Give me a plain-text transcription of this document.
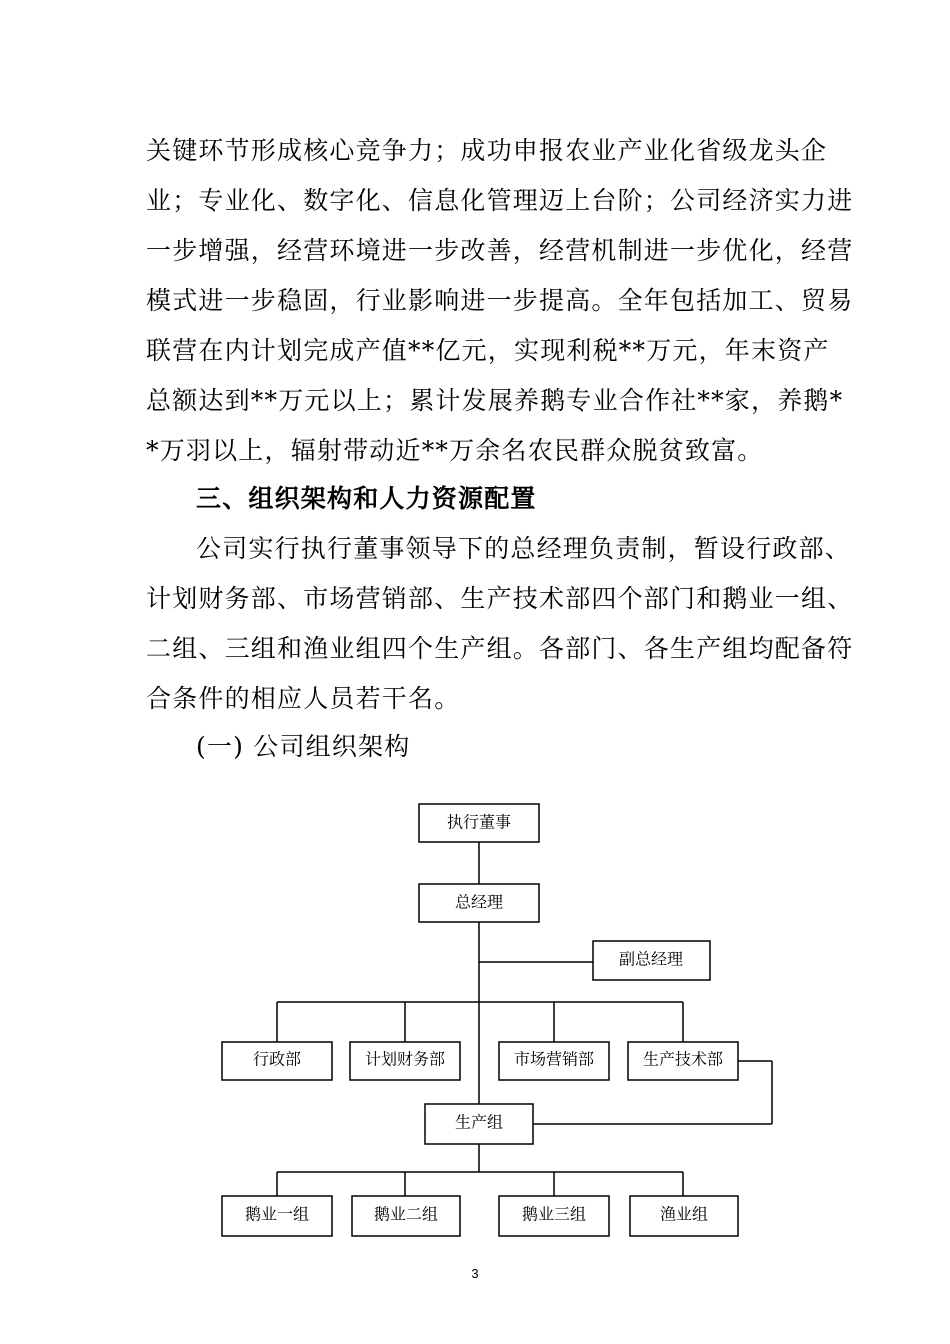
关键环节形成核心竞争力；成功申报农业产业化省级龙头企
业；专业化、数字化、信息化管理迈上台阶；公司经济实力进
一步增强，经营环境进一步改善，经营机制进一步优化，经营
模式进一步稳固，行业影响进一步提高。全年包括加工、贸易
联营在内计划完成产值**亿元，实现利税**万元，年末资产
总额达到**万元以上；累计发展养鹅专业合作社**家，养鹅*
*万羽以上，辐射带动近**万余名农民群众脱贫致富。
三、组织架构和人力资源配置
公司实行执行董事领导下的总经理负责制，暂设行政部、
计划财务部、市场营销部、生产技术部四个部门和鹅业一组、
二组、三组和渔业组四个生产组。各部门、各生产组均配备符
合条件的相应人员若干名。
(一) 公司组织架构
执行董事
总经理
副总经理
行政部	计划财务部	市场营销部	生产技术部
生产组
鹅业一组	鹅业二组	鹅业三组	渔业组
3
